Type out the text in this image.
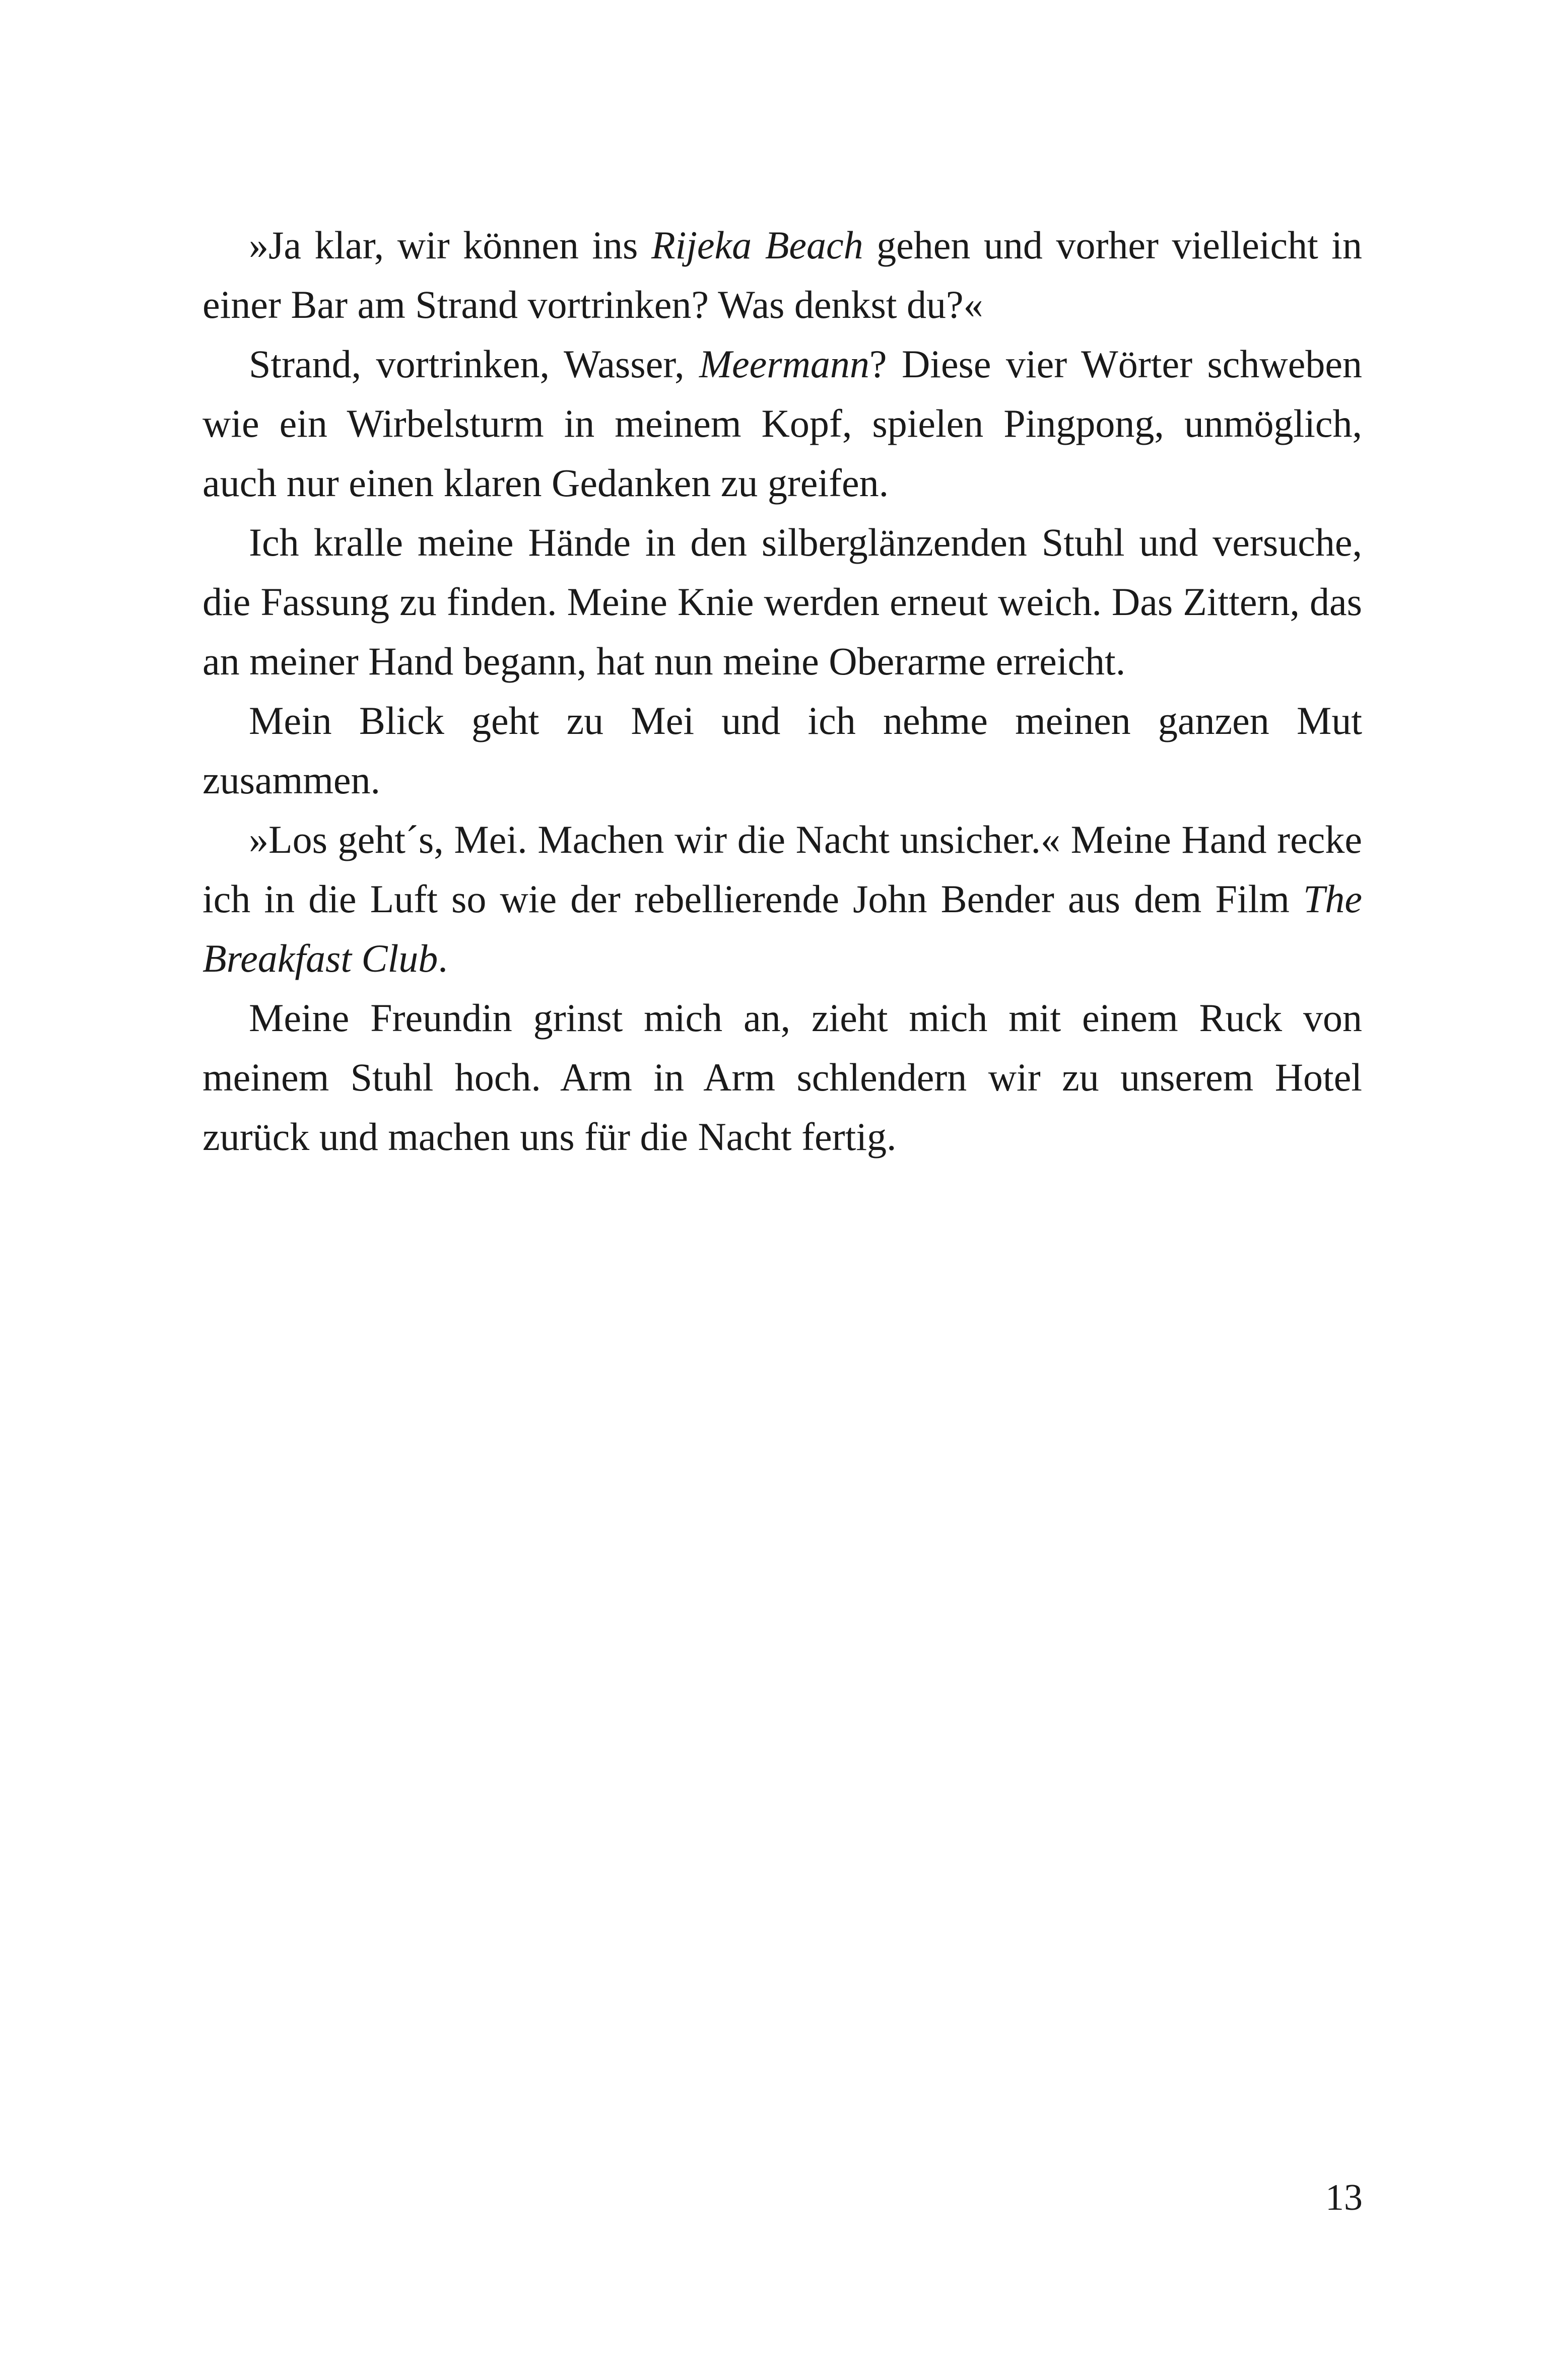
»Ja klar, wir können ins Rijeka Beach gehen und vorher vielleicht in einer Bar am Strand vortrinken? Was denkst du?«

Strand, vortrinken, Wasser, Meermann? Diese vier Wörter schweben wie ein Wirbelsturm in meinem Kopf, spielen Pingpong, unmöglich, auch nur einen klaren Gedanken zu greifen.

Ich kralle meine Hände in den silberglänzenden Stuhl und versuche, die Fassung zu finden. Meine Knie werden erneut weich. Das Zittern, das an meiner Hand begann, hat nun meine Oberarme erreicht.

Mein Blick geht zu Mei und ich nehme meinen ganzen Mut zusammen.

»Los geht´s, Mei. Machen wir die Nacht unsicher.« Meine Hand recke ich in die Luft so wie der rebellierende John Bender aus dem Film The Breakfast Club.

Meine Freundin grinst mich an, zieht mich mit einem Ruck von meinem Stuhl hoch. Arm in Arm schlendern wir zu unserem Hotel zurück und machen uns für die Nacht fertig.

13
